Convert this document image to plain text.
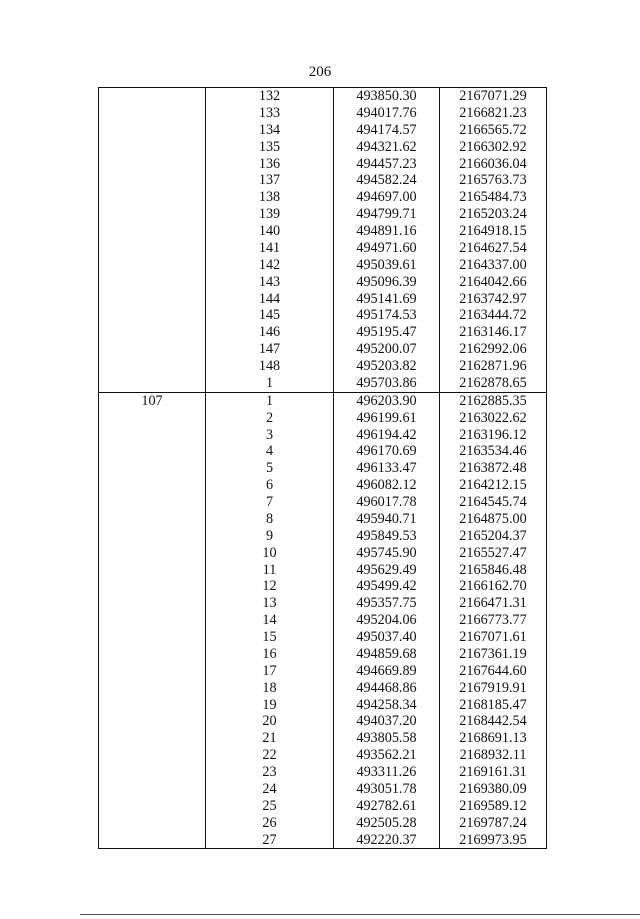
206
	132	493850.30	2167071.29
	133	494017.76	2166821.23
	134	494174.57	2166565.72
	135	494321.62	2166302.92
	136	494457.23	2166036.04
	137	494582.24	2165763.73
	138	494697.00	2165484.73
	139	494799.71	2165203.24
	140	494891.16	2164918.15
	141	494971.60	2164627.54
	142	495039.61	2164337.00
	143	495096.39	2164042.66
	144	495141.69	2163742.97
	145	495174.53	2163444.72
	146	495195.47	2163146.17
	147	495200.07	2162992.06
	148	495203.82	2162871.96
	1	495703.86	2162878.65
107	1	496203.90	2162885.35
	2	496199.61	2163022.62
	3	496194.42	2163196.12
	4	496170.69	2163534.46
	5	496133.47	2163872.48
	6	496082.12	2164212.15
	7	496017.78	2164545.74
	8	495940.71	2164875.00
	9	495849.53	2165204.37
	10	495745.90	2165527.47
	11	495629.49	2165846.48
	12	495499.42	2166162.70
	13	495357.75	2166471.31
	14	495204.06	2166773.77
	15	495037.40	2167071.61
	16	494859.68	2167361.19
	17	494669.89	2167644.60
	18	494468.86	2167919.91
	19	494258.34	2168185.47
	20	494037.20	2168442.54
	21	493805.58	2168691.13
	22	493562.21	2168932.11
	23	493311.26	2169161.31
	24	493051.78	2169380.09
	25	492782.61	2169589.12
	26	492505.28	2169787.24
	27	492220.37	2169973.95
